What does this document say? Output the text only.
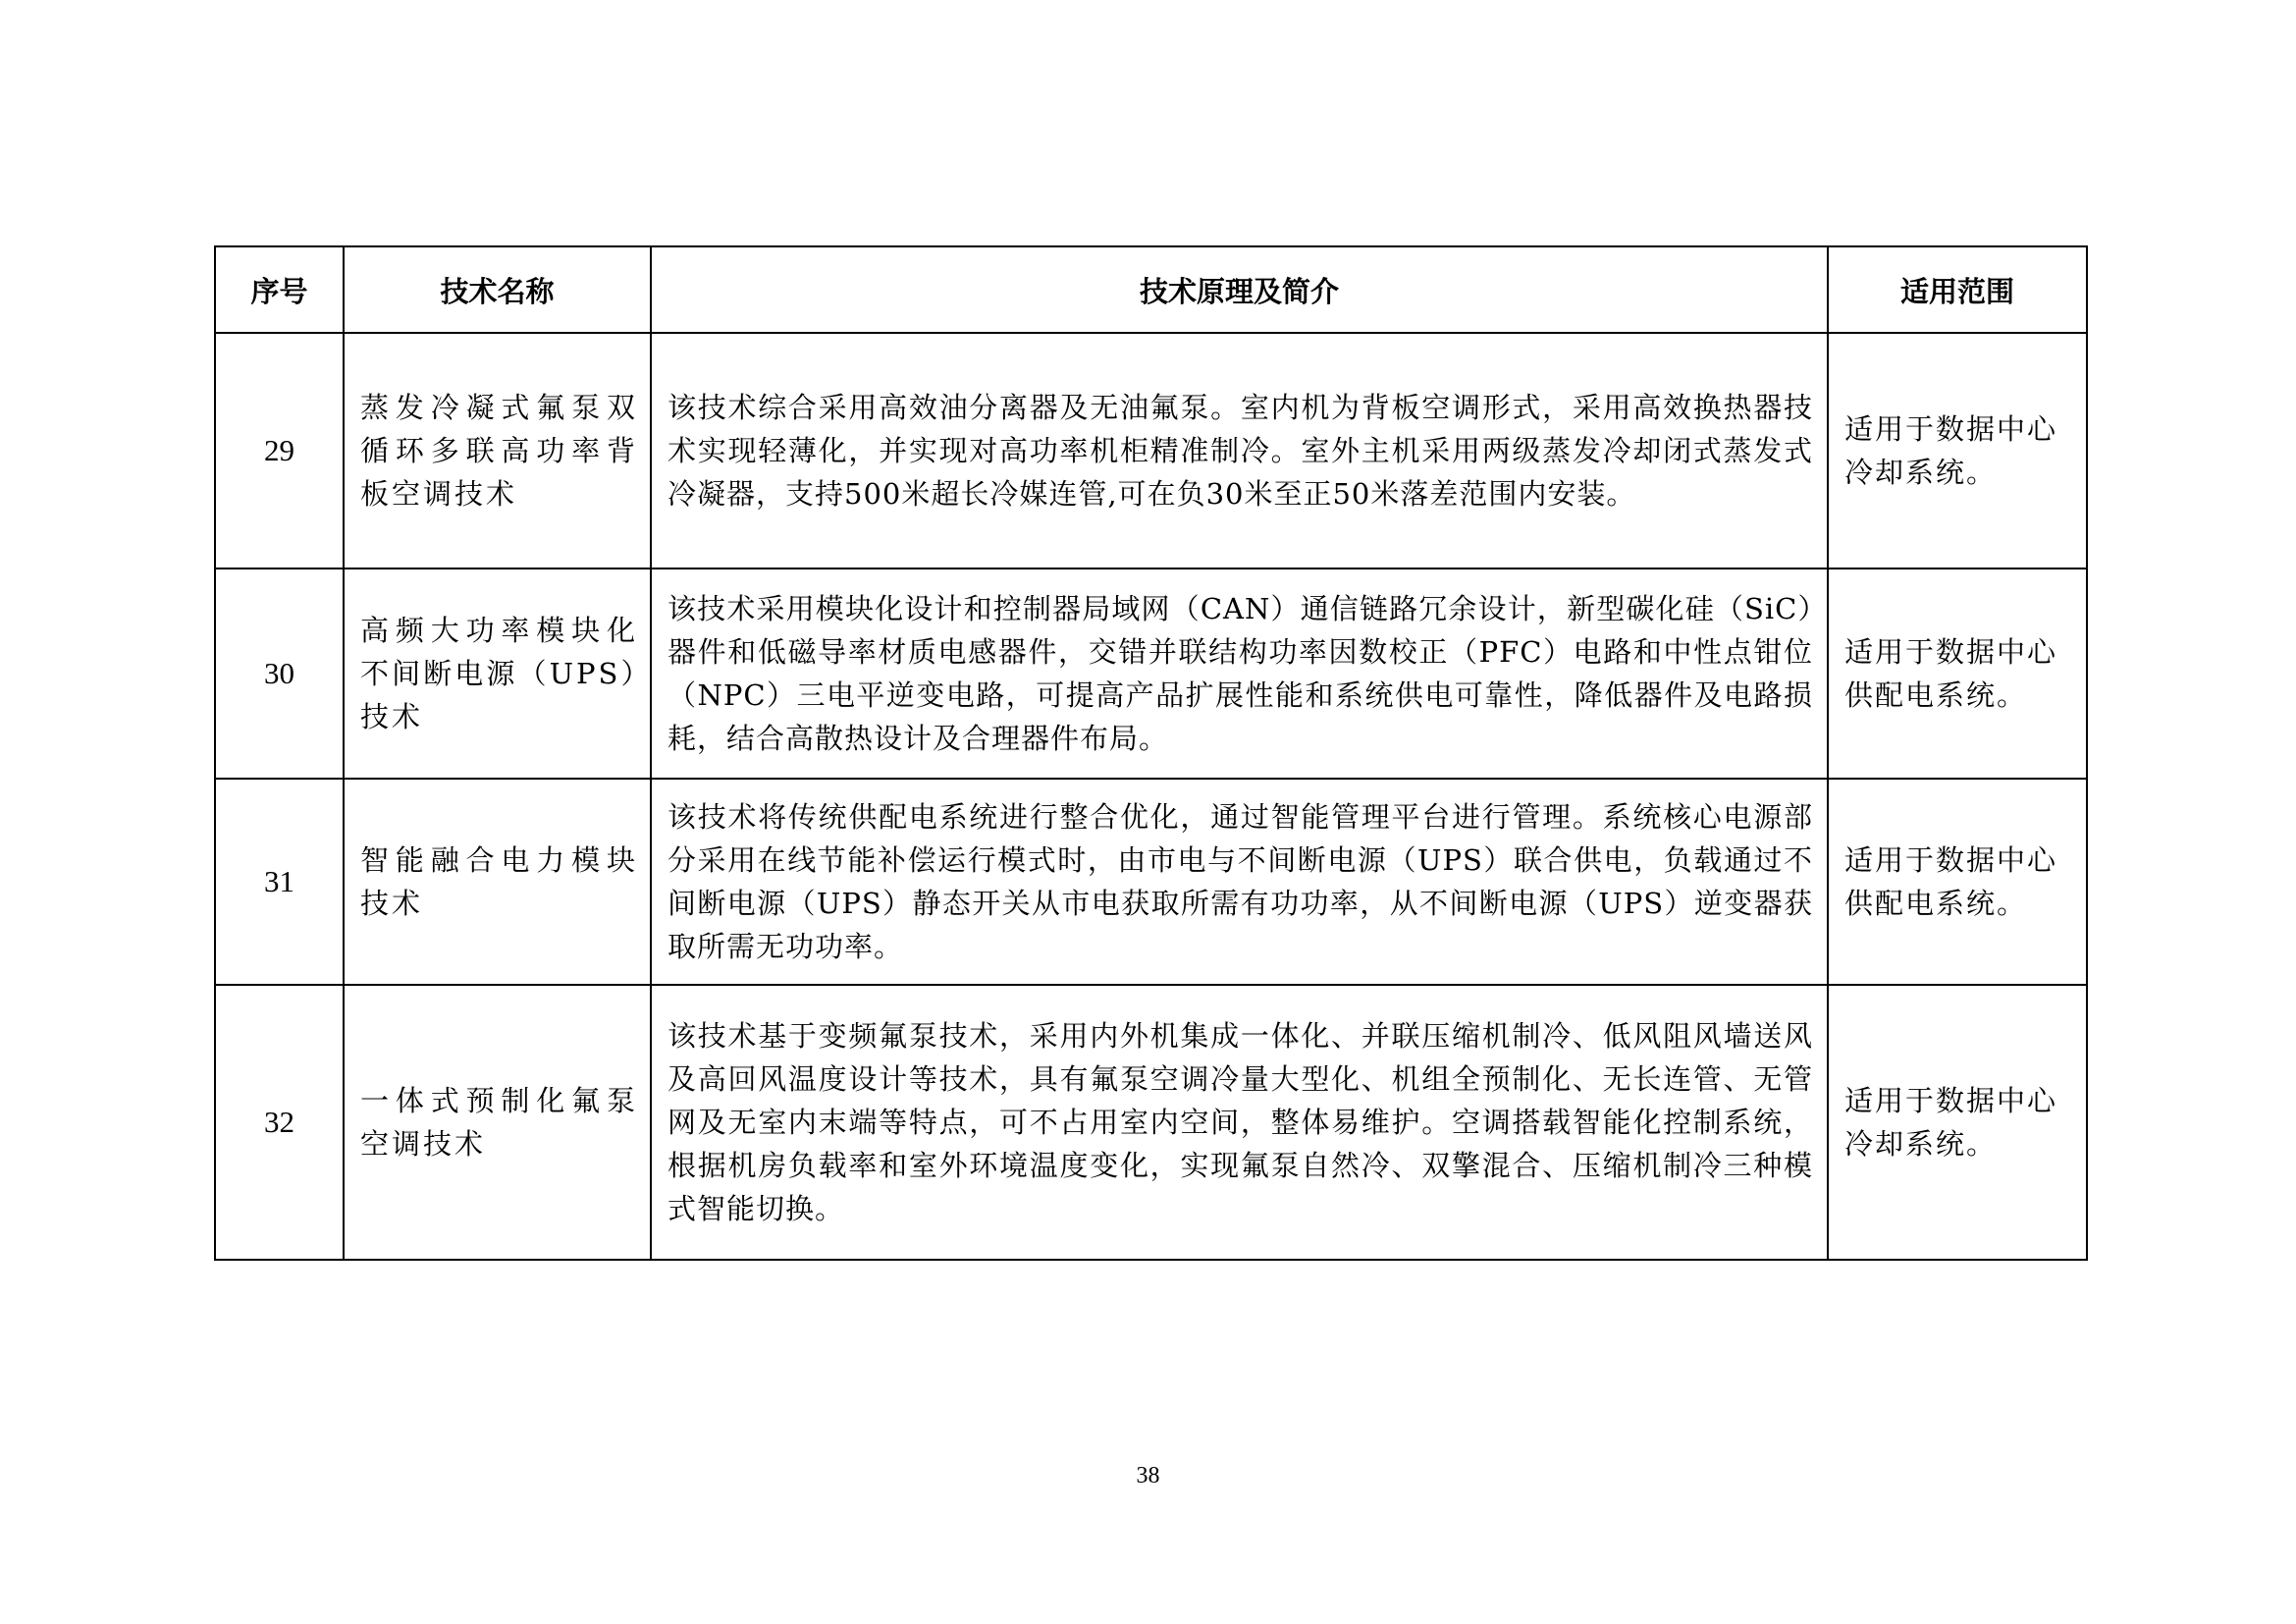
序号	技术名称	技术原理及简介	适用范围
29	蒸发冷凝式氟泵双循环多联高功率背板空调技术	该技术综合采用高效油分离器及无油氟泵。室内机为背板空调形式，采用高效换热器技术实现轻薄化，并实现对高功率机柜精准制冷。室外主机采用两级蒸发冷却闭式蒸发式冷凝器，支持500米超长冷媒连管,可在负30米至正50米落差范围内安装。	适用于数据中心冷却系统。
30	高频大功率模块化不间断电源（UPS）技术	该技术采用模块化设计和控制器局域网（CAN）通信链路冗余设计，新型碳化硅（SiC）器件和低磁导率材质电感器件，交错并联结构功率因数校正（PFC）电路和中性点钳位（NPC）三电平逆变电路，可提高产品扩展性能和系统供电可靠性，降低器件及电路损耗，结合高散热设计及合理器件布局。	适用于数据中心供配电系统。
31	智能融合电力模块技术	该技术将传统供配电系统进行整合优化，通过智能管理平台进行管理。系统核心电源部分采用在线节能补偿运行模式时，由市电与不间断电源（UPS）联合供电，负载通过不间断电源（UPS）静态开关从市电获取所需有功功率，从不间断电源（UPS）逆变器获取所需无功功率。	适用于数据中心供配电系统。
32	一体式预制化氟泵空调技术	该技术基于变频氟泵技术，采用内外机集成一体化、并联压缩机制冷、低风阻风墙送风及高回风温度设计等技术，具有氟泵空调冷量大型化、机组全预制化、无长连管、无管网及无室内末端等特点，可不占用室内空间，整体易维护。空调搭载智能化控制系统，根据机房负载率和室外环境温度变化，实现氟泵自然冷、双擎混合、压缩机制冷三种模式智能切换。	适用于数据中心冷却系统。
38
